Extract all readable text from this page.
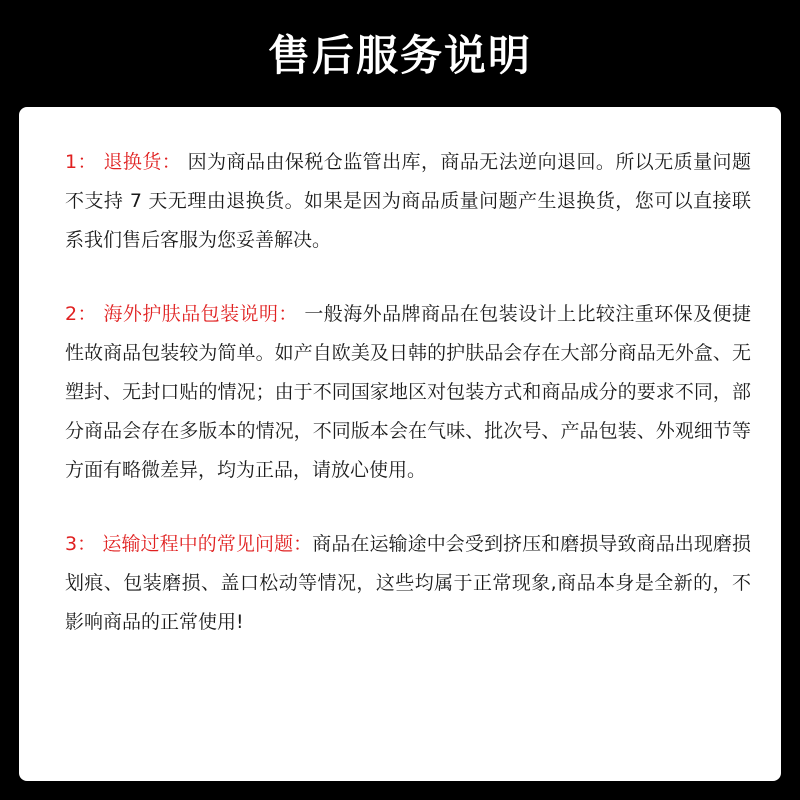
售后服务说明

1： 退换货： 因为商品由保税仓监管出库，商品无法逆向退回。所以无质量问题不支持 7 天无理由退换货。如果是因为商品质量问题产生退换货，您可以直接联系我们售后客服为您妥善解决。

2： 海外护肤品包装说明： 一般海外品牌商品在包装设计上比较注重环保及便捷性故商品包装较为简单。如产自欧美及日韩的护肤品会存在大部分商品无外盒、无塑封、无封口贴的情况；由于不同国家地区对包装方式和商品成分的要求不同，部分商品会存在多版本的情况，不同版本会在气味、批次号、产品包装、外观细节等方面有略微差异，均为正品，请放心使用。

3： 运输过程中的常见问题：商品在运输途中会受到挤压和磨损导致商品出现磨损划痕、包装磨损、盖口松动等情况，这些均属于正常现象,商品本身是全新的，不影响商品的正常使用!
